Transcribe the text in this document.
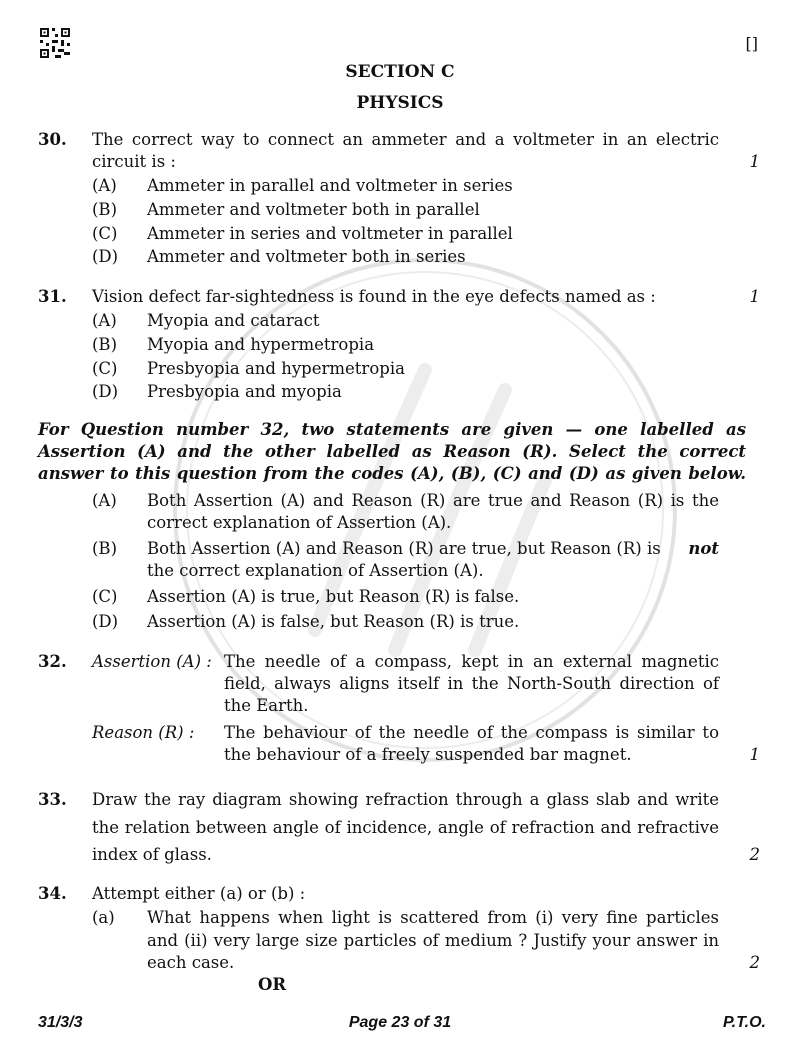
[]
SECTION C
PHYSICS
30. The correct way to connect an ammeter and a voltmeter in an electric
circuit is :	1
(A) Ammeter in parallel and voltmeter in series
(B) Ammeter and voltmeter both in parallel
(C) Ammeter in series and voltmeter in parallel
(D) Ammeter and voltmeter both in series
31. Vision defect far-sightedness is found in the eye defects named as :	1
(A) Myopia and cataract
(B) Myopia and hypermetropia
(C) Presbyopia and hypermetropia
(D) Presbyopia and myopia
For Question number 32, two statements are given — one labelled as
Assertion (A) and the other labelled as Reason (R). Select the correct
answer to this question from the codes (A), (B), (C) and (D) as given below.
(A) Both Assertion (A) and Reason (R) are true and Reason (R) is the
correct explanation of Assertion (A).
(B) Both Assertion (A) and Reason (R) are true, but Reason (R) is not
the correct explanation of Assertion (A).
(C) Assertion (A) is true, but Reason (R) is false.
(D) Assertion (A) is false, but Reason (R) is true.
32. Assertion (A) : The needle of a compass, kept in an external magnetic
field, always aligns itself in the North-South direction of
the Earth.
Reason (R) : The behaviour of the needle of the compass is similar to
the behaviour of a freely suspended bar magnet.	1
33. Draw the ray diagram showing refraction through a glass slab and write
the relation between angle of incidence, angle of refraction and refractive
index of glass.	2
34. Attempt either (a) or (b) :
(a) What happens when light is scattered from (i) very fine particles
and (ii) very large size particles of medium ? Justify your answer in
each case.	2
OR
31/3/3	Page 23 of 31	P.T.O.
